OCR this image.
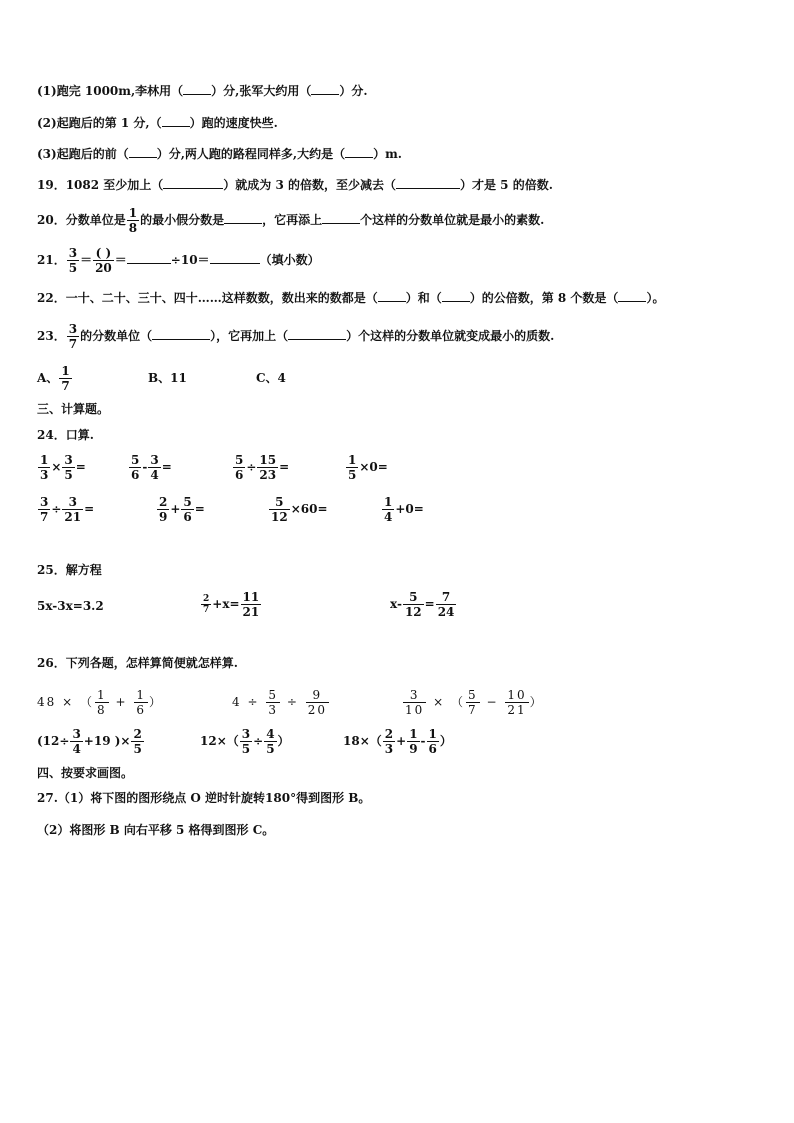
(1)跑完 1000m,李林用（ ）分,张军大约用（ ）分.
(2)起跑后的第 1 分,（ ）跑的速度快些.
(3)起跑后的前（ ）分,两人跑的路程同样多,大约是（ ）m.
19．1082 至少加上（	）就成为 3 的倍数，至少减去（	）才是 5 的倍数.
20．分数单位是 $\frac{1}{8}$ 的最小假分数是	，它再添上	个这样的分数单位就是最小的素数.
21． $\frac{3}{5} = \frac{( )}{20}$ ＝	÷10＝	（填小数）
22．一十、二十、三十、四十……这样数数，数出来的数都是（ ）和（ ）的公倍数，第 8 个数是（ ）。
23． $\frac{3}{7}$ 的分数单位（	），它再加上（	）个这样的分数单位就变成最小的质数.
A、 $\frac{1}{7}$	B、11	C、4
三、计算题。
24．口算.
$\frac{1}{3} \times \frac{3}{5}$ =	$\frac{5}{6} - \frac{3}{4}$ =	$\frac{5}{6} \div \frac{15}{23}$ =	$\frac{1}{5} \times 0=$
$\frac{3}{7} \div \frac{3}{21}$ =	$\frac{2}{9} + \frac{5}{6}$ =	$\frac{5}{12} \times 60=$	$\frac{1}{4} +0=$
25．解方程
5x-3x=3.2	$\frac{2}{7} +x= \frac{11}{21}$	$x- \frac{5}{12} = \frac{7}{24}$
26．下列各题，怎样算简便就怎样算.
48 × （ $\frac{1}{8} + \frac{1}{6}$ ）	$4 \div \frac{5}{3} \div \frac{9}{20}$	$\frac{3}{10}$ × （ $\frac{5}{7} - \frac{10}{21}$ ）
($12\div \frac{3}{4} +19$ )× $\frac{2}{5}$	$12\times( \frac{3}{5} \div \frac{4}{5}$ ）	$18\times( \frac{2}{3} + \frac{1}{9} - \frac{1}{6}$ ）
四、按要求画图。
27.（1）将下图的图形绕点 O 逆时针旋转180°得到图形 B。
（2）将图形 B 向右平移 5 格得到图形 C。
